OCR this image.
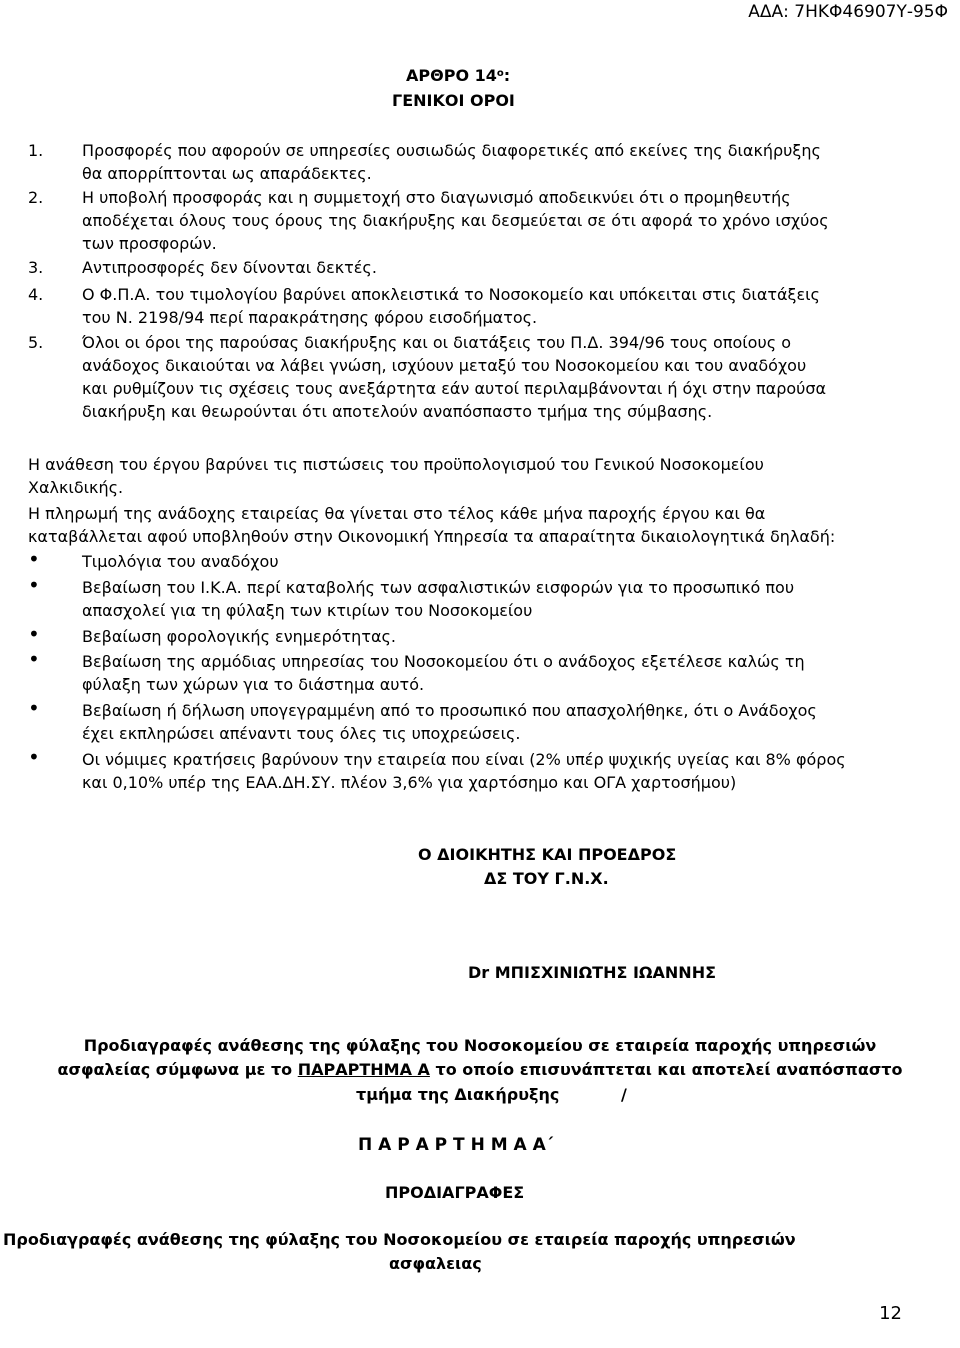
ΑΔΑ: 7ΗΚΦ46907Υ-95Φ
ΑΡΘΡΟ $14^o$:
ΓΕΝΙΚΟΙ ΟΡΟΙ
1. Προσφορές που αφορούν σε υπηρεσίες ουσιωδώς διαφορετικές από εκείνες της διακήρυξης
θα απορρίπτονται ως απαράδεκτες.
2. Η υποβολή προσφοράς και η συμμετοχή στο διαγωνισμό αποδεικνύει ότι ο προμηθευτής
αποδέχεται όλους τους όρους της διακήρυξης και δεσμεύεται σε ότι αφορά το χρόνο ισχύος
των προσφορών.
3. Αντιπροσφορές δεν δίνονται δεκτές.
4. Ο Φ.Π.Α. του τιμολογίου βαρύνει αποκλειστικά το Νοσοκομείο και υπόκειται στις διατάξεις
του Ν. 2198/94 περί παρακράτησης φόρου εισοδήματος.
5. Όλοι οι όροι της παρούσας διακήρυξης και οι διατάξεις του Π.Δ. 394/96 τους οποίους ο
ανάδοχος δικαιούται να λάβει γνώση, ισχύουν μεταξύ του Νοσοκομείου και του αναδόχου
και ρυθμίζουν τις σχέσεις τους ανεξάρτητα εάν αυτοί περιλαμβάνονται ή όχι στην παρούσα
διακήρυξη και θεωρούνται ότι αποτελούν αναπόσπαστο τμήμα της σύμβασης.
Η ανάθεση του έργου βαρύνει τις πιστώσεις του προϋπολογισμού του Γενικού Νοσοκομείου
Χαλκιδικής.
Η πληρωμή της ανάδοχης εταιρείας θα γίνεται στο τέλος κάθε μήνα παροχής έργου και θα
καταβάλλεται αφού υποβληθούν στην Οικονομική Υπηρεσία τα απαραίτητα δικαιολογητικά δηλαδή:
•	Τιμολόγια του αναδόχου
•	Βεβαίωση του Ι.Κ.Α. περί καταβολής των ασφαλιστικών εισφορών για το προσωπικό που
απασχολεί για τη φύλαξη των κτιρίων του Νοσοκομείου
•	Βεβαίωση φορολογικής ενημερότητας.
•	Βεβαίωση της αρμόδιας υπηρεσίας του Νοσοκομείου ότι ο ανάδοχος εξετέλεσε καλώς τη
φύλαξη των χώρων για το διάστημα αυτό.
•	Βεβαίωση ή δήλωση υπογεγραμμένη από το προσωπικό που απασχολήθηκε, ότι ο Ανάδοχος
έχει εκπληρώσει απέναντι τους όλες τις υποχρεώσεις.
•	Οι νόμιμες κρατήσεις βαρύνουν την εταιρεία που είναι (2% υπέρ ψυχικής υγείας και 8% φόρος
και 0,10% υπέρ της ΕΑΑ.ΔΗ.ΣΥ. πλέον 3,6% για χαρτόσημο και ΟΓΑ χαρτοσήμου)
Ο ΔΙΟΙΚΗΤΗΣ ΚΑΙ ΠΡΟΕΔΡΟΣ
ΔΣ ΤΟΥ Γ.Ν.Χ.
Dr ΜΠΙΣΧΙΝΙΩΤΗΣ ΙΩΑΝΝΗΣ
Προδιαγραφές ανάθεσης της φύλαξης του Νοσοκομείου σε εταιρεία παροχής υπηρεσιών
ασφαλείας σύμφωνα με το ΠΑΡΑΡΤΗΜΑ Α το οποίο επισυνάπτεται και αποτελεί αναπόσπαστο
τμήμα της Διακήρυξης	/
Π Α Ρ Α Ρ Τ Η Μ Α Α΄
ΠΡΟΔΙΑΓΡΑΦΕΣ
Προδιαγραφές ανάθεσης της φύλαξης του Νοσοκομείου σε εταιρεία παροχής υπηρεσιών
ασφαλειας
12
